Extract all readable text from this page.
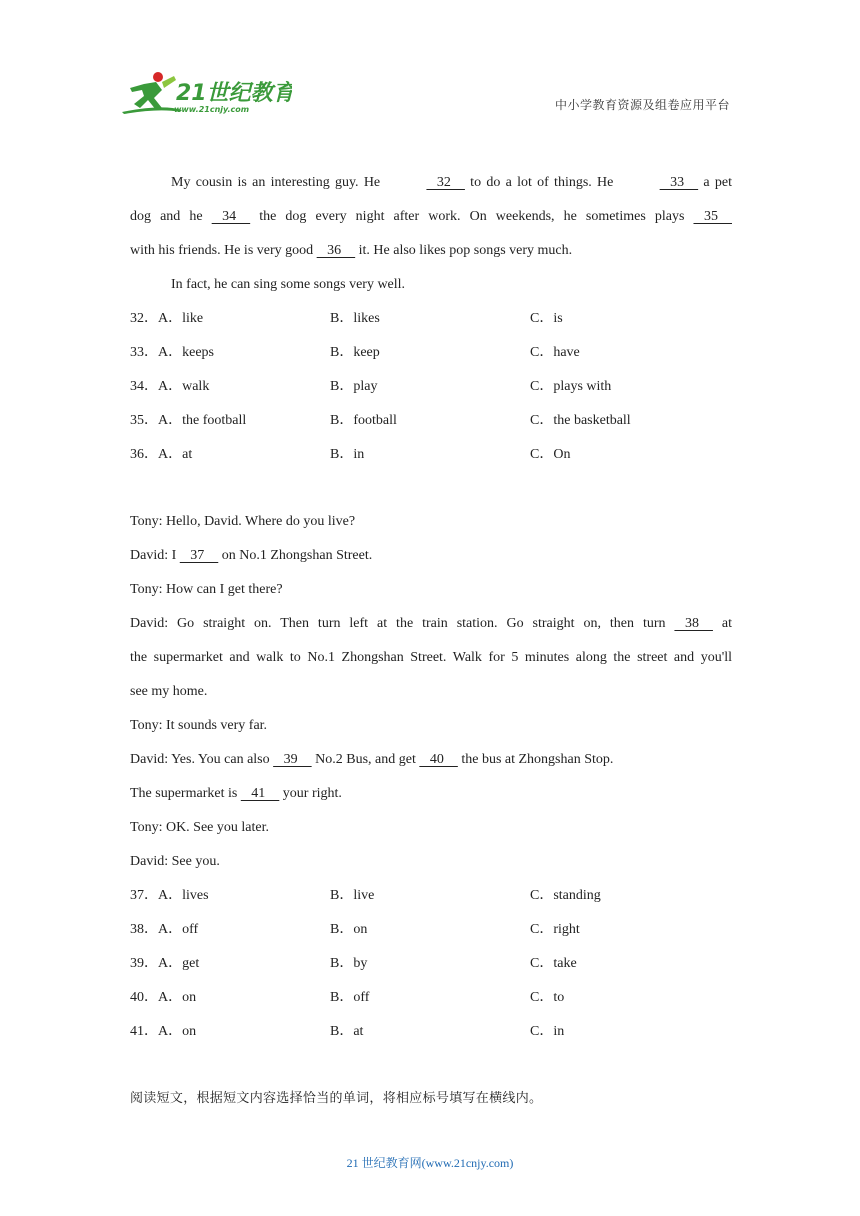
21世纪教育
www.21cnjy.com	中小学教育资源及组卷应用平台

My cousin is an interesting guy. He	32     to do a lot of things. He	33     a pet

dog and he    34     the dog every night after work. On weekends, he sometimes plays    35

with his friends. He is very good    36     it. He also likes pop songs very much.

In fact, he can sing some songs very well.

32．A．like	B．likes	C．is
33．A．keeps	B．keep	C．have
34．A．walk	B．play	C．plays with
35．A．the football	B．football	C．the basketball
36．A．at	B．in	C．On

Tony: Hello, David. Where do you live?

David: I    37     on No.1 Zhongshan Street.

Tony: How can I get there?

David: Go straight on. Then turn left at the train station. Go straight on, then turn    38     at

the supermarket and walk to No.1 Zhongshan Street. Walk for 5 minutes along the street and you'll

see my home.

Tony: It sounds very far.

David: Yes. You can also    39     No.2 Bus, and get    40     the bus at Zhongshan Stop.

The supermarket is    41     your right.

Tony: OK. See you later.

David: See you.

37．A．lives	B．live	C．standing
38．A．off	B．on	C．right
39．A．get	B．by	C．take
40．A．on	B．off	C．to
41．A．on	B．at	C．in

阅读短文，根据短文内容选择恰当的单词，将相应标号填写在横线内。

21 世纪教育网(www.21cnjy.com)
